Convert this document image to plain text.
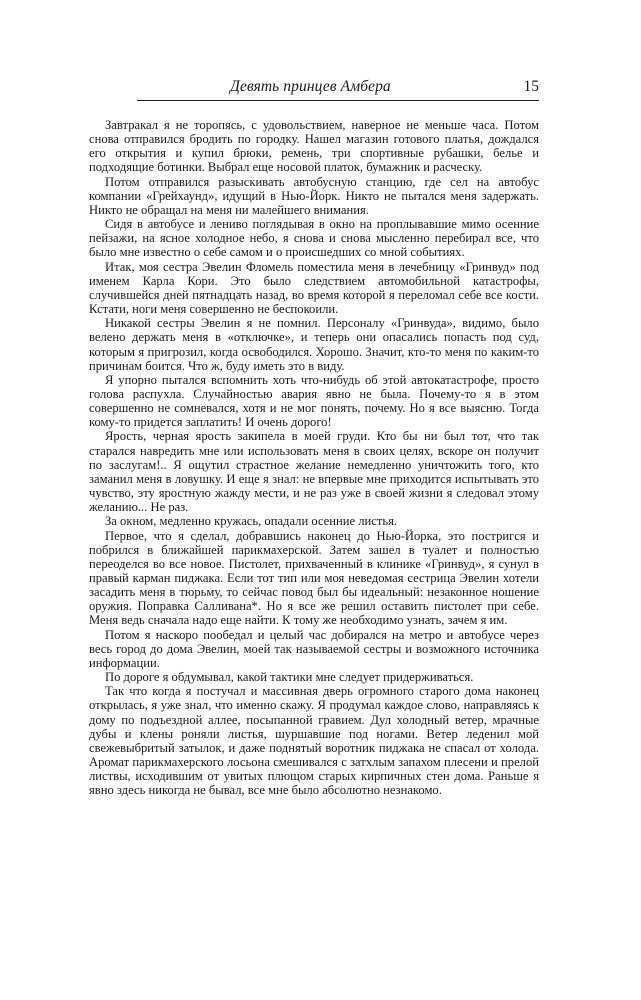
Девять принцев Амбера	15

Завтракал я не торопясь, с удовольствием, наверное не меньше часа. Потом снова отправился бродить по городку. Нашел магазин готового платья, дождался его открытия и купил брюки, ремень, три спортивные рубашки, белье и подходящие ботинки. Выбрал еще носовой платок, бумажник и расческу.

Потом отправился разыскивать автобусную станцию, где сел на автобус компании «Грейхаунд», идущий в Нью-Йорк. Никто не пытался меня задержать. Никто не обращал на меня ни малейшего внимания.

Сидя в автобусе и лениво поглядывая в окно на проплывавшие мимо осенние пейзажи, на ясное холодное небо, я снова и снова мысленно перебирал все, что было мне известно о себе самом и о происшедших со мной событиях.

Итак, моя сестра Эвелин Фломель поместила меня в лечебницу «Гринвуд» под именем Карла Кори. Это было следствием автомобильной катастрофы, случившейся дней пятнадцать назад, во время которой я переломал себе все кости. Кстати, ноги меня совершенно не беспокоили.

Никакой сестры Эвелин я не помнил. Персоналу «Гринвуда», видимо, было велено держать меня в «отключке», и теперь они опасались попасть под суд, которым я пригрозил, когда освободился. Хорошо. Значит, кто-то меня по каким-то причинам боится. Что ж, буду иметь это в виду.

Я упорно пытался вспомнить хоть что-нибудь об этой автокатастрофе, просто голова распухла. Случайностью авария явно не была. Почему-то я в этом совершенно не сомневался, хотя и не мог понять, почему. Но я все выясню. Тогда кому-то придется заплатить! И очень дорого!

Ярость, черная ярость закипела в моей груди. Кто бы ни был тот, что так старался навредить мне или использовать меня в своих целях, вскоре он получит по заслугам!.. Я ощутил страстное желание немедленно уничтожить того, кто заманил меня в ловушку. И еще я знал: не впервые мне приходится испытывать это чувство, эту яростную жажду мести, и не раз уже в своей жизни я следовал этому желанию... Не раз.

За окном, медленно кружась, опадали осенние листья.

Первое, что я сделал, добравшись наконец до Нью-Йорка, это постригся и побрился в ближайшей парикмахерской. Затем зашел в туалет и полностью переоделся во все новое. Пистолет, прихваченный в клинике «Гринвуд», я сунул в правый карман пиджака. Если тот тип или моя неведомая сестрица Эвелин хотели засадить меня в тюрьму, то сейчас повод был бы идеальный: незаконное ношение оружия. Поправка Салливана*. Но я все же решил оставить пистолет при себе. Меня ведь сначала надо еще найти. К тому же необходимо узнать, зачем я им.

Потом я наскоро пообедал и целый час добирался на метро и автобусе через весь город до дома Эвелин, моей так называемой сестры и возможного источника информации.

По дороге я обдумывал, какой тактики мне следует придерживаться.

Так что когда я постучал и массивная дверь огромного старого дома наконец открылась, я уже знал, что именно скажу. Я продумал каждое слово, направляясь к дому по подъездной аллее, посыпанной гравием. Дул холодный ветер, мрачные дубы и клены роняли листья, шуршавшие под ногами. Ветер леденил мой свежевыбритый затылок, и даже поднятый воротник пиджака не спасал от холода. Аромат парикмахерского лосьона смешивался с затхлым запахом плесени и прелой листвы, исходившим от увитых плющом старых кирпичных стен дома. Раньше я явно здесь никогда не бывал, все мне было абсолютно незнакомо.
